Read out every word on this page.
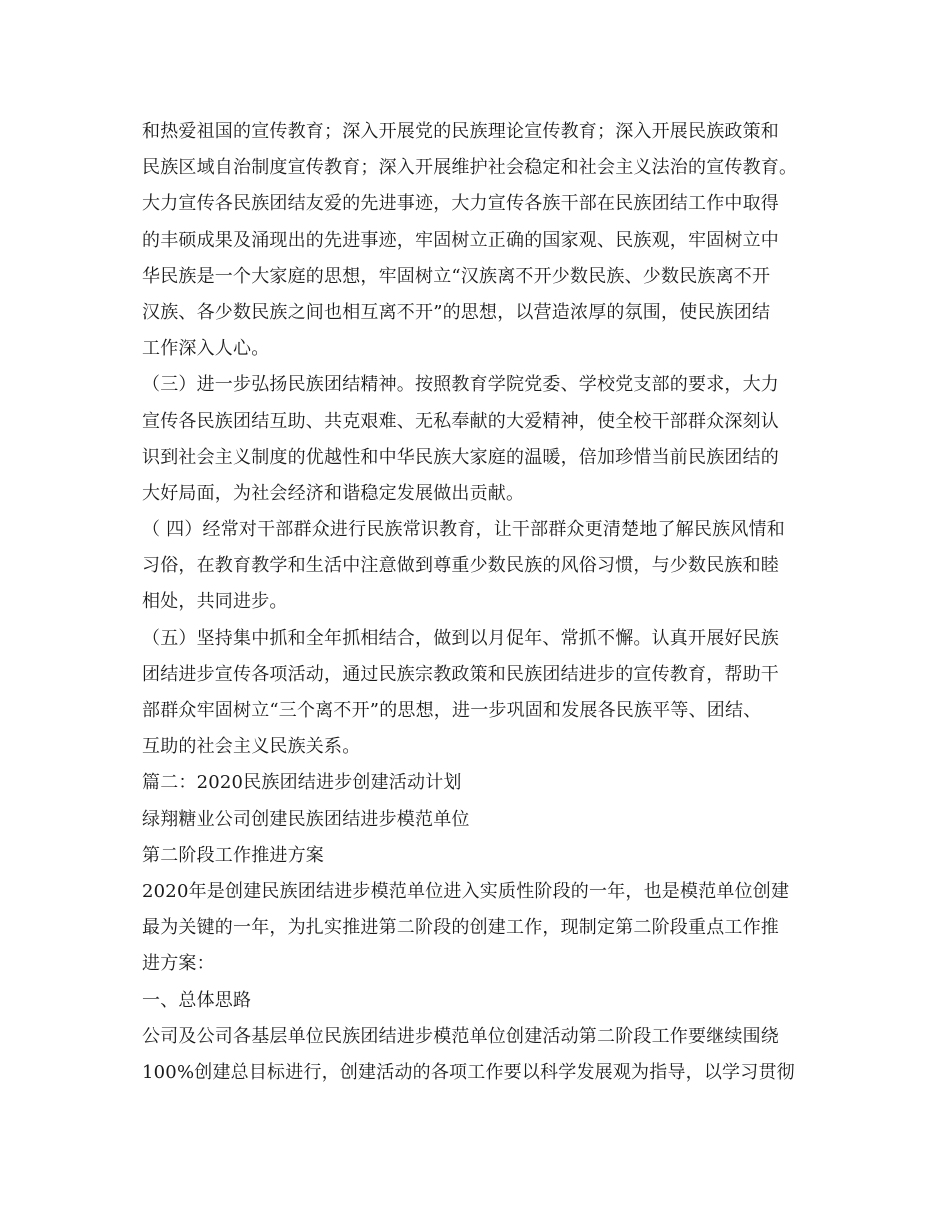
和热爱祖国的宣传教育；深入开展党的民族理论宣传教育；深入开展民族政策和
民族区域自治制度宣传教育；深入开展维护社会稳定和社会主义法治的宣传教育。
大力宣传各民族团结友爱的先进事迹，大力宣传各族干部在民族团结工作中取得
的丰硕成果及涌现出的先进事迹，牢固树立正确的国家观、民族观，牢固树立中
华民族是一个大家庭的思想，牢固树立“汉族离不开少数民族、少数民族离不开
汉族、各少数民族之间也相互离不开”的思想，以营造浓厚的氛围，使民族团结
工作深入人心。
（三）进一步弘扬民族团结精神。按照教育学院党委、学校党支部的要求，大力
宣传各民族团结互助、共克艰难、无私奉献的大爱精神，使全校干部群众深刻认
识到社会主义制度的优越性和中华民族大家庭的温暖，倍加珍惜当前民族团结的
大好局面，为社会经济和谐稳定发展做出贡献。
（ 四）经常对干部群众进行民族常识教育，让干部群众更清楚地了解民族风情和
习俗，在教育教学和生活中注意做到尊重少数民族的风俗习惯，与少数民族和睦
相处，共同进步。
（五）坚持集中抓和全年抓相结合，做到以月促年、常抓不懈。认真开展好民族
团结进步宣传各项活动，通过民族宗教政策和民族团结进步的宣传教育，帮助干
部群众牢固树立“三个离不开”的思想，进一步巩固和发展各民族平等、团结、
互助的社会主义民族关系。
篇二：2020民族团结进步创建活动计划
绿翔糖业公司创建民族团结进步模范单位
第二阶段工作推进方案
2020年是创建民族团结进步模范单位进入实质性阶段的一年，也是模范单位创建
最为关键的一年，为扎实推进第二阶段的创建工作，现制定第二阶段重点工作推
进方案：
一、总体思路
公司及公司各基层单位民族团结进步模范单位创建活动第二阶段工作要继续围绕
100%创建总目标进行，创建活动的各项工作要以科学发展观为指导，以学习贯彻
